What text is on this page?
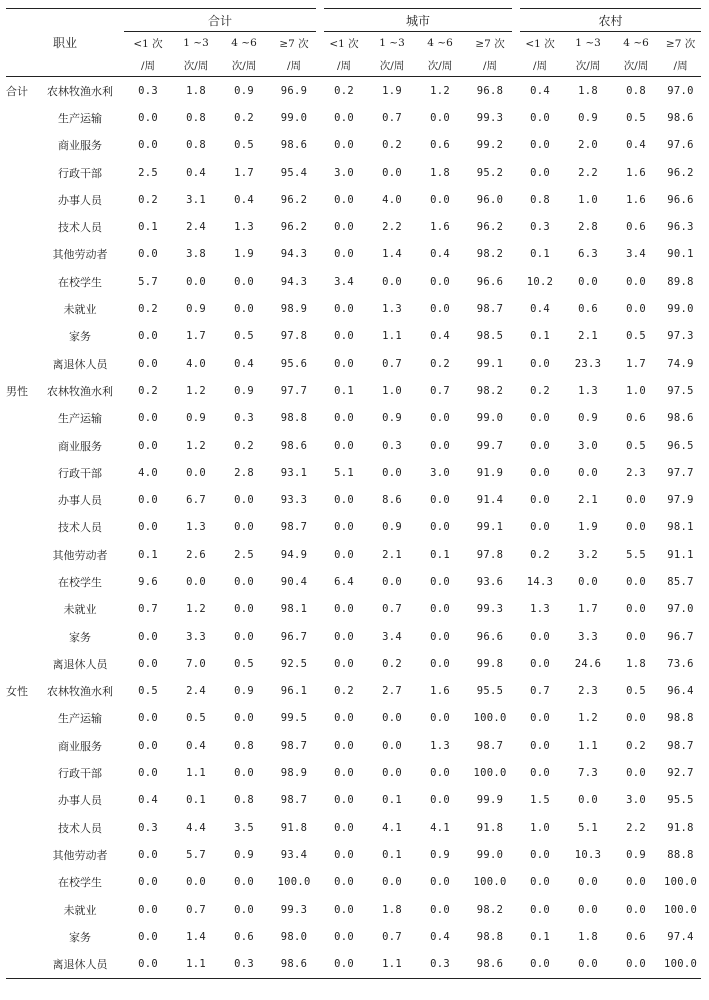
职业		合计				城市				农村			
		<1 次	1 ~3	4 ~6	≥7 次	<1 次	1 ~3	4 ~6	≥7 次	<1 次	1 ~3	4 ~6	≥7 次
		/周	次/周	次/周	/周	/周	次/周	次/周	/周	/周	次/周	次/周	/周
合计	农林牧渔水利	0.3	1.8	0.9	96.9	0.2	1.9	1.2	96.8	0.4	1.8	0.8	97.0
	生产运输	0.0	0.8	0.2	99.0	0.0	0.7	0.0	99.3	0.0	0.9	0.5	98.6
	商业服务	0.0	0.8	0.5	98.6	0.0	0.2	0.6	99.2	0.0	2.0	0.4	97.6
	行政干部	2.5	0.4	1.7	95.4	3.0	0.0	1.8	95.2	0.0	2.2	1.6	96.2
	办事人员	0.2	3.1	0.4	96.2	0.0	4.0	0.0	96.0	0.8	1.0	1.6	96.6
	技术人员	0.1	2.4	1.3	96.2	0.0	2.2	1.6	96.2	0.3	2.8	0.6	96.3
	其他劳动者	0.0	3.8	1.9	94.3	0.0	1.4	0.4	98.2	0.1	6.3	3.4	90.1
	在校学生	5.7	0.0	0.0	94.3	3.4	0.0	0.0	96.6	10.2	0.0	0.0	89.8
	未就业	0.2	0.9	0.0	98.9	0.0	1.3	0.0	98.7	0.4	0.6	0.0	99.0
	家务	0.0	1.7	0.5	97.8	0.0	1.1	0.4	98.5	0.1	2.1	0.5	97.3
	离退休人员	0.0	4.0	0.4	95.6	0.0	0.7	0.2	99.1	0.0	23.3	1.7	74.9
男性	农林牧渔水利	0.2	1.2	0.9	97.7	0.1	1.0	0.7	98.2	0.2	1.3	1.0	97.5
	生产运输	0.0	0.9	0.3	98.8	0.0	0.9	0.0	99.0	0.0	0.9	0.6	98.6
	商业服务	0.0	1.2	0.2	98.6	0.0	0.3	0.0	99.7	0.0	3.0	0.5	96.5
	行政干部	4.0	0.0	2.8	93.1	5.1	0.0	3.0	91.9	0.0	0.0	2.3	97.7
	办事人员	0.0	6.7	0.0	93.3	0.0	8.6	0.0	91.4	0.0	2.1	0.0	97.9
	技术人员	0.0	1.3	0.0	98.7	0.0	0.9	0.0	99.1	0.0	1.9	0.0	98.1
	其他劳动者	0.1	2.6	2.5	94.9	0.0	2.1	0.1	97.8	0.2	3.2	5.5	91.1
	在校学生	9.6	0.0	0.0	90.4	6.4	0.0	0.0	93.6	14.3	0.0	0.0	85.7
	未就业	0.7	1.2	0.0	98.1	0.0	0.7	0.0	99.3	1.3	1.7	0.0	97.0
	家务	0.0	3.3	0.0	96.7	0.0	3.4	0.0	96.6	0.0	3.3	0.0	96.7
	离退休人员	0.0	7.0	0.5	92.5	0.0	0.2	0.0	99.8	0.0	24.6	1.8	73.6
女性	农林牧渔水利	0.5	2.4	0.9	96.1	0.2	2.7	1.6	95.5	0.7	2.3	0.5	96.4
	生产运输	0.0	0.5	0.0	99.5	0.0	0.0	0.0	100.0	0.0	1.2	0.0	98.8
	商业服务	0.0	0.4	0.8	98.7	0.0	0.0	1.3	98.7	0.0	1.1	0.2	98.7
	行政干部	0.0	1.1	0.0	98.9	0.0	0.0	0.0	100.0	0.0	7.3	0.0	92.7
	办事人员	0.4	0.1	0.8	98.7	0.0	0.1	0.0	99.9	1.5	0.0	3.0	95.5
	技术人员	0.3	4.4	3.5	91.8	0.0	4.1	4.1	91.8	1.0	5.1	2.2	91.8
	其他劳动者	0.0	5.7	0.9	93.4	0.0	0.1	0.9	99.0	0.0	10.3	0.9	88.8
	在校学生	0.0	0.0	0.0	100.0	0.0	0.0	0.0	100.0	0.0	0.0	0.0	100.0
	未就业	0.0	0.7	0.0	99.3	0.0	1.8	0.0	98.2	0.0	0.0	0.0	100.0
	家务	0.0	1.4	0.6	98.0	0.0	0.7	0.4	98.8	0.1	1.8	0.6	97.4
	离退休人员	0.0	1.1	0.3	98.6	0.0	1.1	0.3	98.6	0.0	0.0	0.0	100.0
